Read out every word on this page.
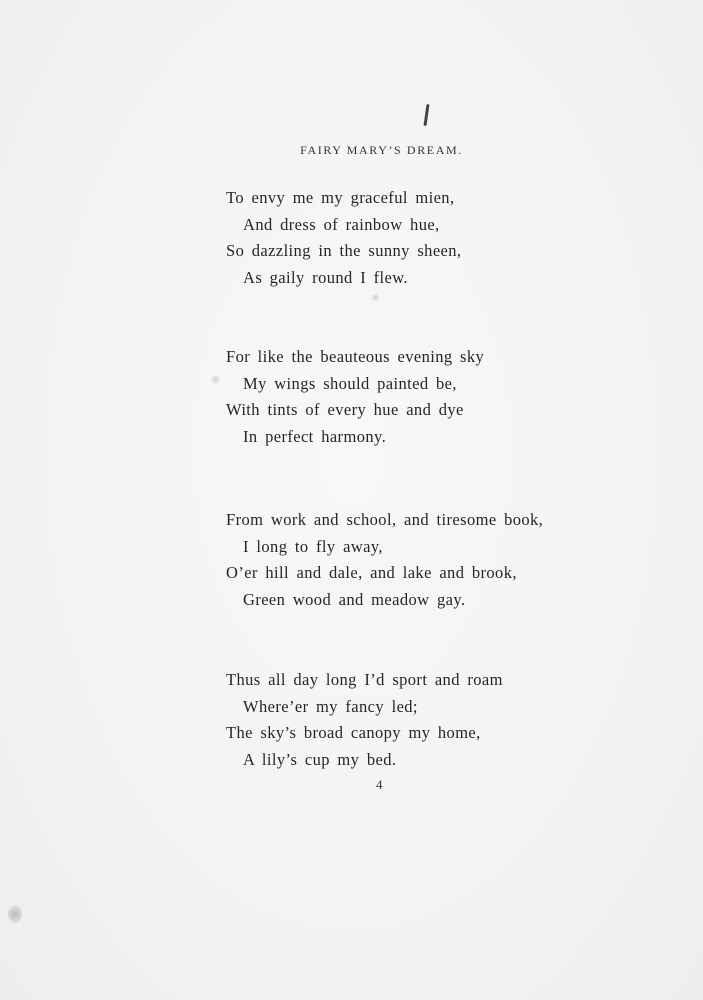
FAIRY MARY’S DREAM.
To envy me my graceful mien,
And dress of rainbow hue,
So dazzling in the sunny sheen,
As gaily round I flew.
For like the beauteous evening sky
My wings should painted be,
With tints of every hue and dye
In perfect harmony.
From work and school, and tiresome book,
I long to fly away,
O’er hill and dale, and lake and brook,
Green wood and meadow gay.
Thus all day long I’d sport and roam
Where’er my fancy led;
The sky’s broad canopy my home,
A lily’s cup my bed.
4
